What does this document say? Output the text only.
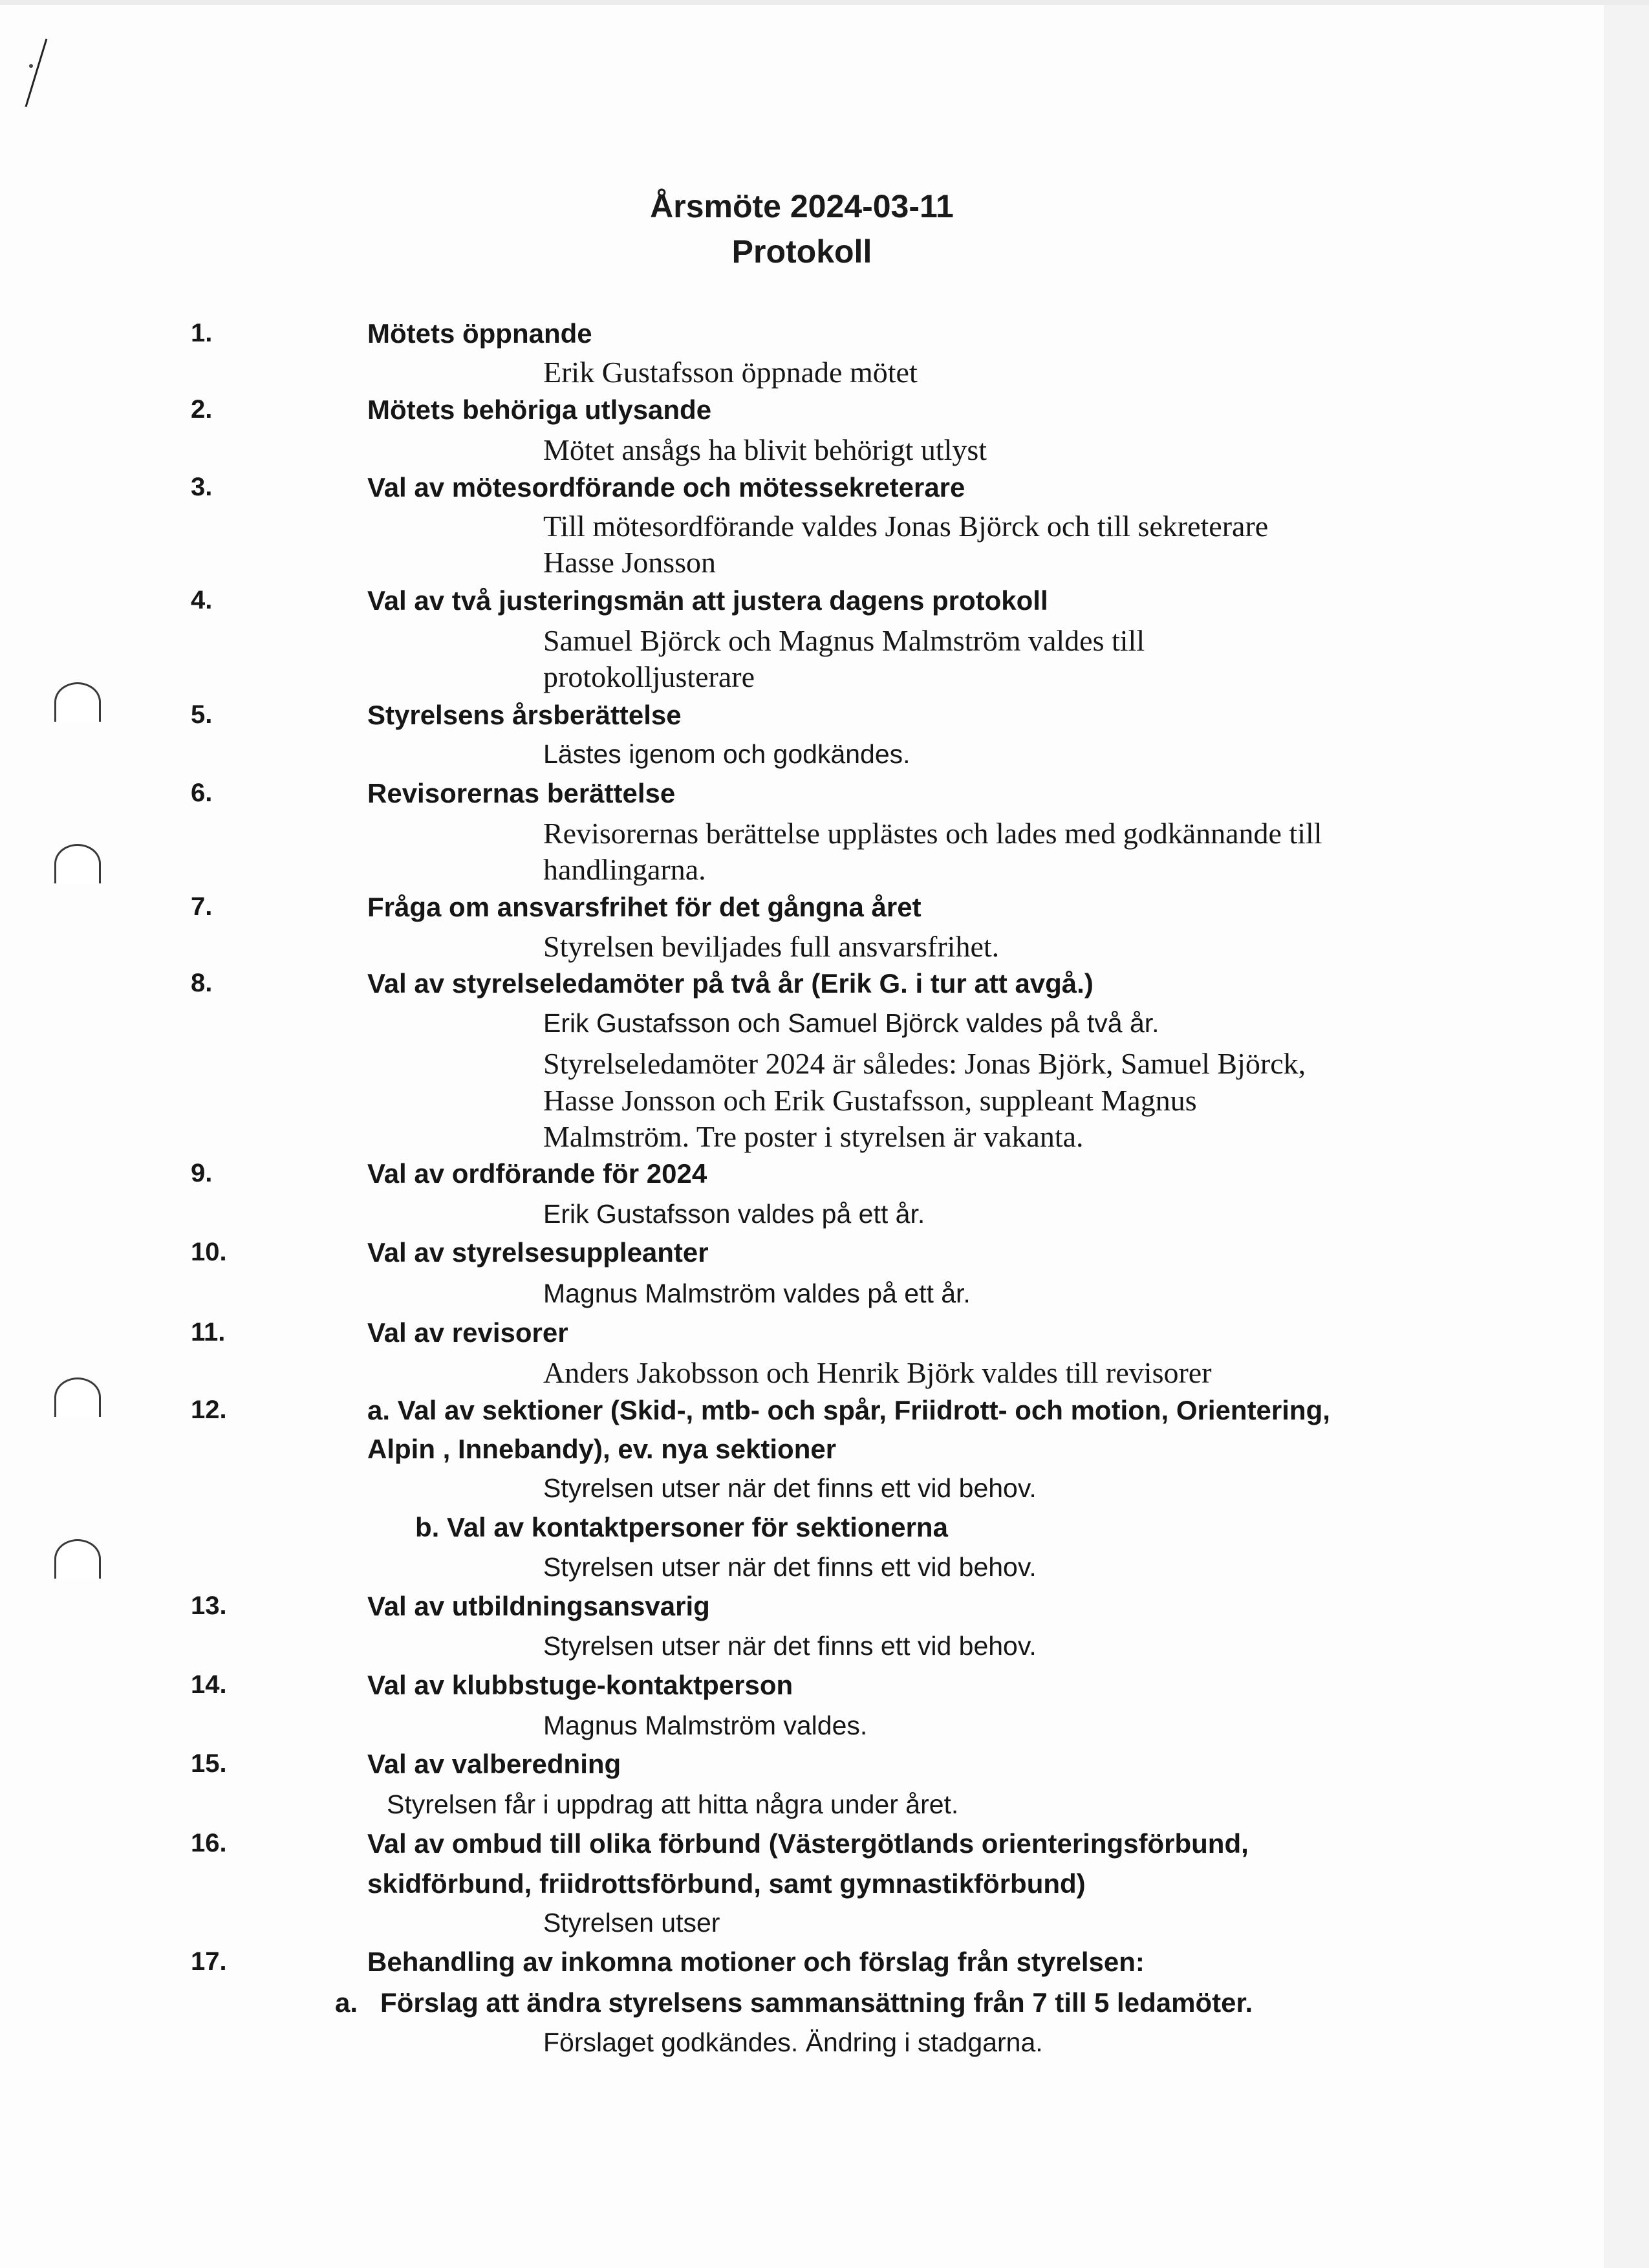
Årsmöte 2024-03-11
Protokoll
1.	Mötets öppnande
Erik Gustafsson öppnade mötet
2.	Mötets behöriga utlysande
Mötet ansågs ha blivit behörigt utlyst
3.	Val av mötesordförande och mötessekreterare
Till mötesordförande valdes Jonas Björck och till sekreterare
Hasse Jonsson
4.	Val av två justeringsmän att justera dagens protokoll
Samuel Björck och Magnus Malmström valdes till
protokolljusterare
5.	Styrelsens årsberättelse
Lästes igenom och godkändes.
6.	Revisorernas berättelse
Revisorernas berättelse upplästes och lades med godkännande till
handlingarna.
7.	Fråga om ansvarsfrihet för det gångna året
Styrelsen beviljades full ansvarsfrihet.
8.	Val av styrelseledamöter på två år (Erik G. i tur att avgå.)
Erik Gustafsson och Samuel Björck valdes på två år.
Styrelseledamöter 2024 är således: Jonas Björk, Samuel Björck,
Hasse Jonsson och Erik Gustafsson, suppleant Magnus
Malmström. Tre poster i styrelsen är vakanta.
9.	Val av ordförande för 2024
Erik Gustafsson valdes på ett år.
10.	Val av styrelsesuppleanter
Magnus Malmström valdes på ett år.
11.	Val av revisorer
Anders Jakobsson och Henrik Björk valdes till revisorer
12.	a. Val av sektioner (Skid-, mtb- och spår, Friidrott- och motion, Orientering,
Alpin , Innebandy), ev. nya sektioner
Styrelsen utser när det finns ett vid behov.
b. Val av kontaktpersoner för sektionerna
Styrelsen utser när det finns ett vid behov.
13.	Val av utbildningsansvarig
Styrelsen utser när det finns ett vid behov.
14.	Val av klubbstuge-kontaktperson
Magnus Malmström valdes.
15.	Val av valberedning
Styrelsen får i uppdrag att hitta några under året.
16.	Val av ombud till olika förbund (Västergötlands orienteringsförbund,
skidförbund, friidrottsförbund, samt gymnastikförbund)
Styrelsen utser
17.	Behandling av inkomna motioner och förslag från styrelsen:
a.   Förslag att ändra styrelsens sammansättning från 7 till 5 ledamöter.
Förslaget godkändes. Ändring i stadgarna.
